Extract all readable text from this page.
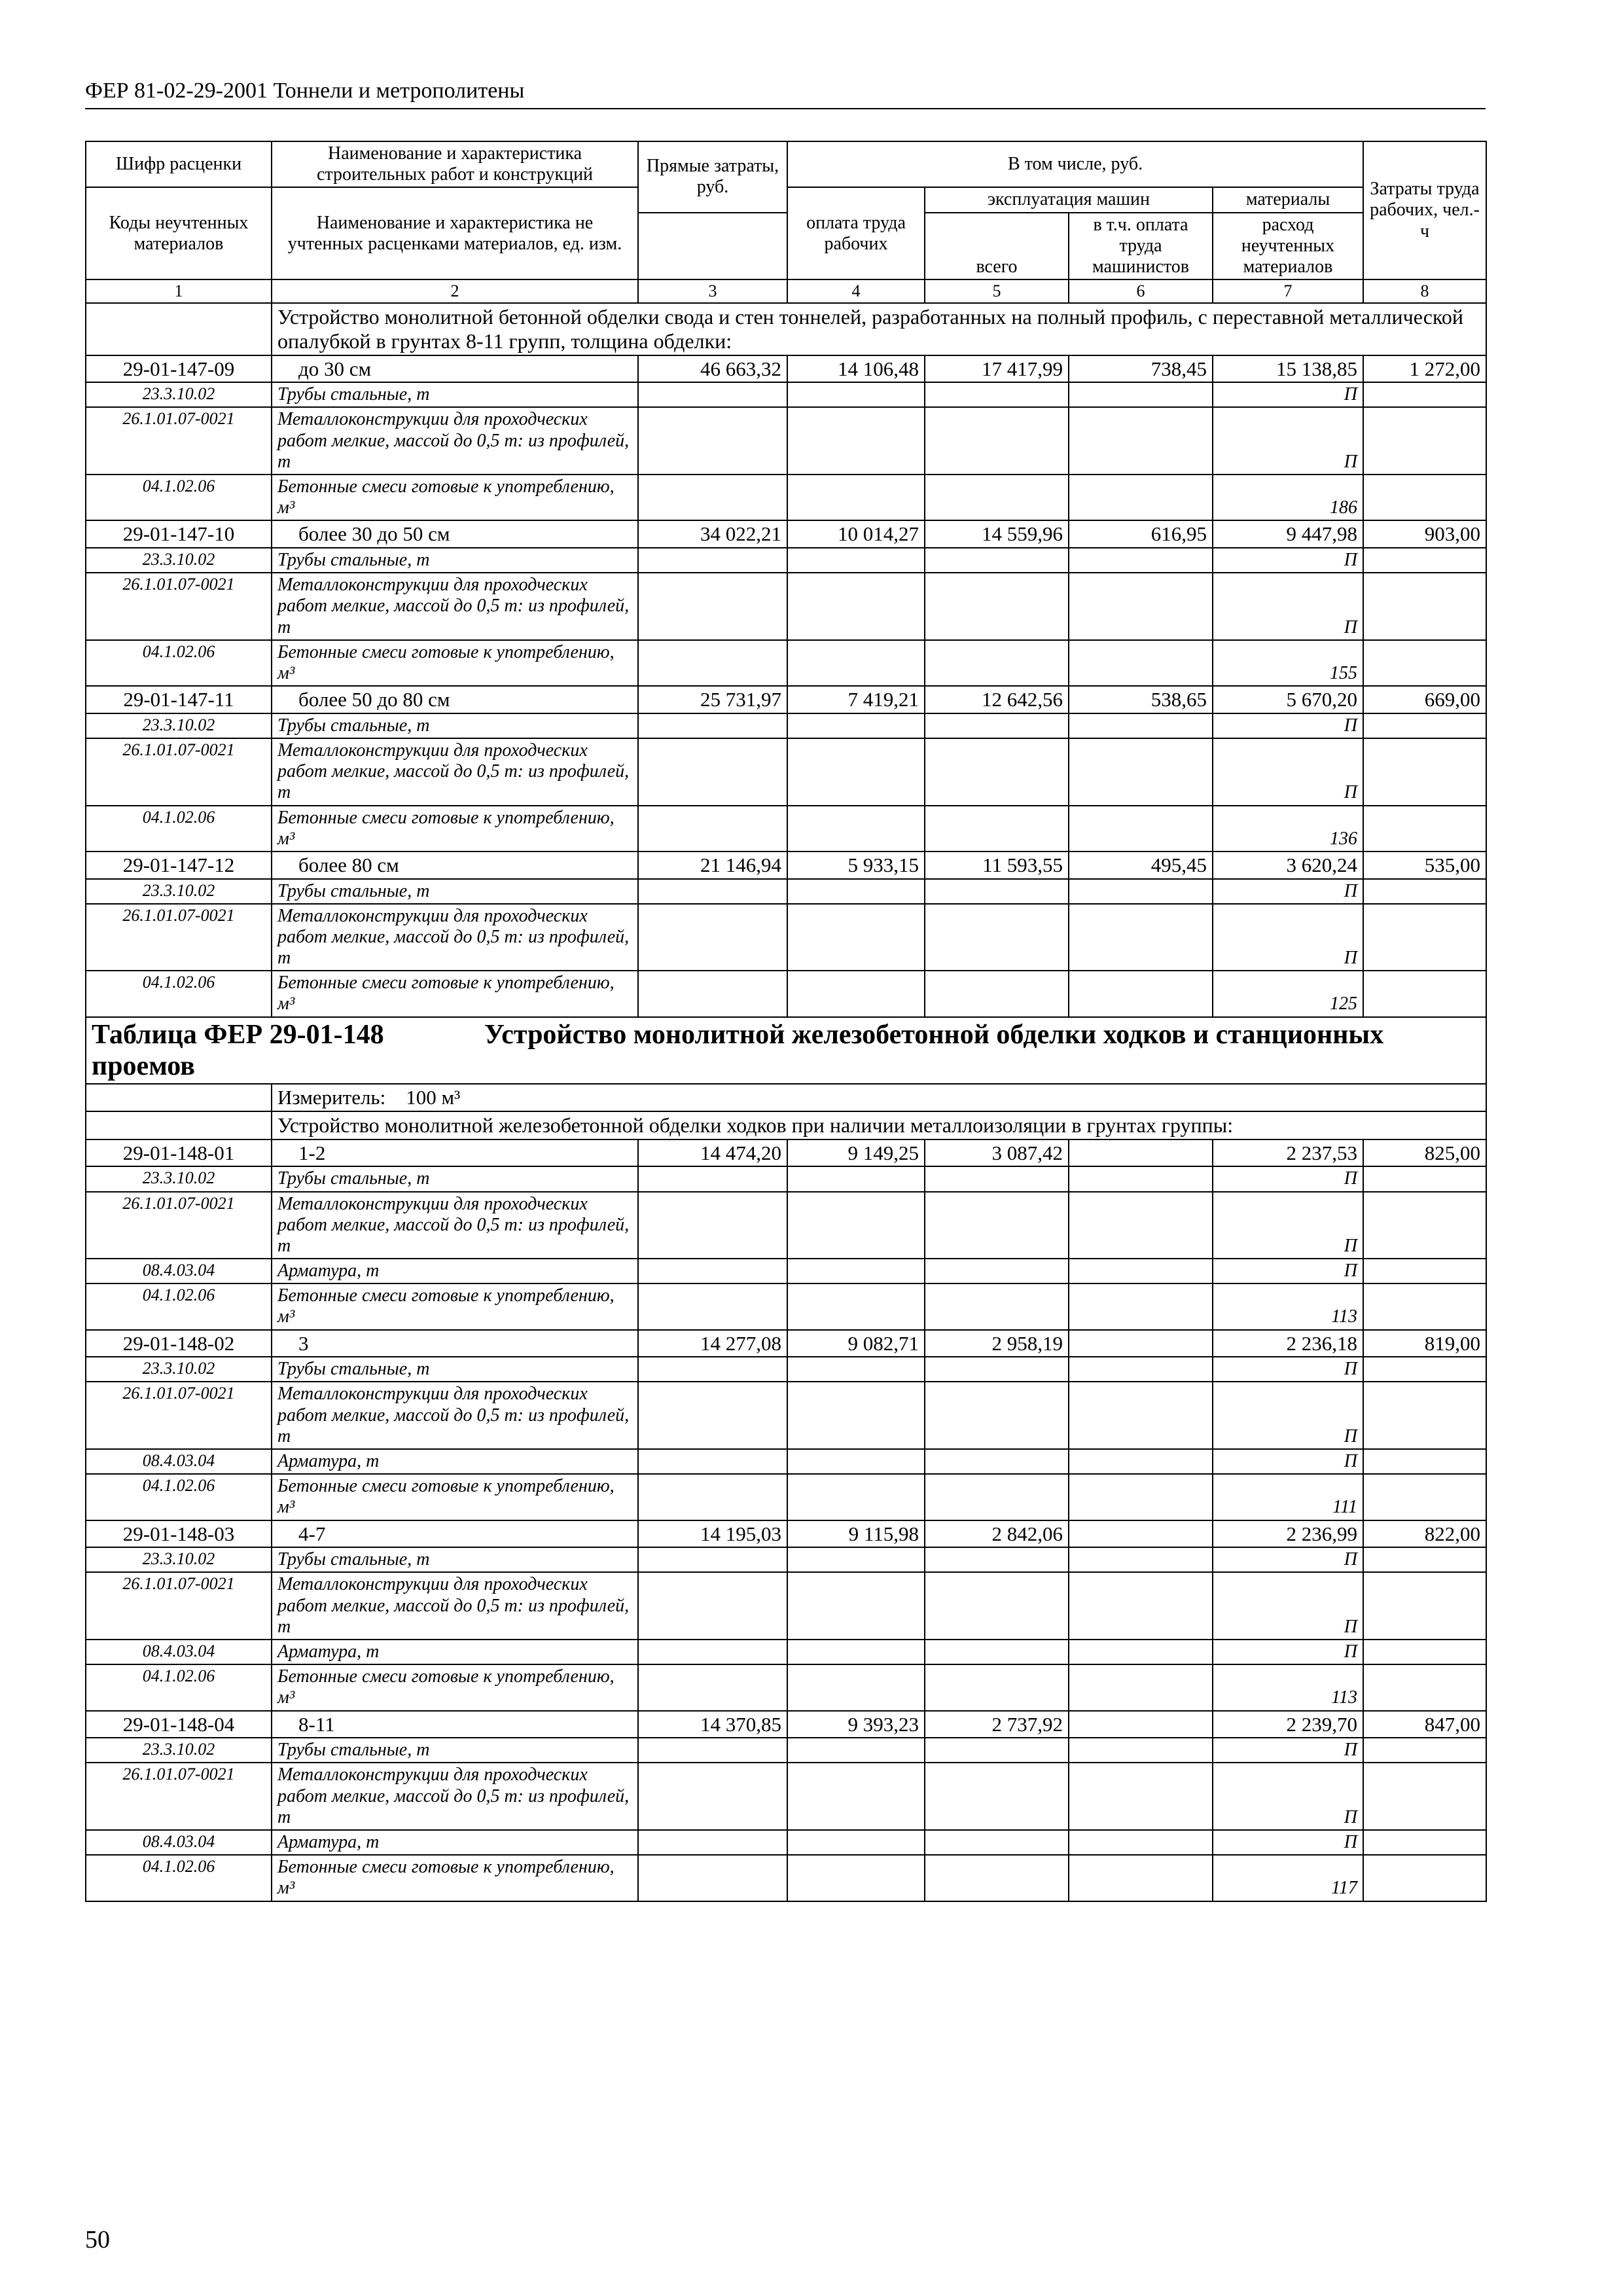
ФЕР 81-02-29-2001 Тоннели и метрополитены
Шифр расценки	Наименование и характеристика строительных работ и конструкций	Прямые затраты, руб.	В том числе, руб.				Затраты труда рабочих, чел.-ч
Коды неучтенных материалов	Наименование и характеристика не учтенных расценками материалов, ед. изм.						
			оплата труда рабочих	эксплуатация машин		материалы	
				всего	в т.ч. оплата труда машинистов	расход неучтенных материалов	
1	2	3	4	5	6	7	8
	Устройство монолитной бетонной обделки свода и стен тоннелей, разработанных на полный профиль, с переставной металлической опалубкой в грунтах 8-11 групп, толщина обделки:						
29-01-147-09	до 30 см	46 663,32	14 106,48	17 417,99	738,45	15 138,85	1 272,00
23.3.10.02	Трубы стальные, т					П	
26.1.01.07-0021	Металлоконструкции для проходческих работ мелкие, массой до 0,5 т: из профилей, т					П	
04.1.02.06	Бетонные смеси готовые к употреблению, м³					186	
29-01-147-10	более 30 до 50 см	34 022,21	10 014,27	14 559,96	616,95	9 447,98	903,00
23.3.10.02	Трубы стальные, т					П	
26.1.01.07-0021	Металлоконструкции для проходческих работ мелкие, массой до 0,5 т: из профилей, т					П	
04.1.02.06	Бетонные смеси готовые к употреблению, м³					155	
29-01-147-11	более 50 до 80 см	25 731,97	7 419,21	12 642,56	538,65	5 670,20	669,00
23.3.10.02	Трубы стальные, т					П	
26.1.01.07-0021	Металлоконструкции для проходческих работ мелкие, массой до 0,5 т: из профилей, т					П	
04.1.02.06	Бетонные смеси готовые к употреблению, м³					136	
29-01-147-12	более 80 см	21 146,94	5 933,15	11 593,55	495,45	3 620,24	535,00
23.3.10.02	Трубы стальные, т					П	
26.1.01.07-0021	Металлоконструкции для проходческих работ мелкие, массой до 0,5 т: из профилей, т					П	
04.1.02.06	Бетонные смеси готовые к употреблению, м³					125	
Таблица ФЕР 29-01-148 Устройство монолитной железобетонной обделки ходков и станционных проемов							
	Измеритель: 100 м³						
	Устройство монолитной железобетонной обделки ходков при наличии металлоизоляции в грунтах группы:						
29-01-148-01	1-2	14 474,20	9 149,25	3 087,42		2 237,53	825,00
23.3.10.02	Трубы стальные, т					П	
26.1.01.07-0021	Металлоконструкции для проходческих работ мелкие, массой до 0,5 т: из профилей, т					П	
08.4.03.04	Арматура, т					П	
04.1.02.06	Бетонные смеси готовые к употреблению, м³					113	
29-01-148-02	3	14 277,08	9 082,71	2 958,19		2 236,18	819,00
23.3.10.02	Трубы стальные, т					П	
26.1.01.07-0021	Металлоконструкции для проходческих работ мелкие, массой до 0,5 т: из профилей, т					П	
08.4.03.04	Арматура, т					П	
04.1.02.06	Бетонные смеси готовые к употреблению, м³					111	
29-01-148-03	4-7	14 195,03	9 115,98	2 842,06		2 236,99	822,00
23.3.10.02	Трубы стальные, т					П	
26.1.01.07-0021	Металлоконструкции для проходческих работ мелкие, массой до 0,5 т: из профилей, т					П	
08.4.03.04	Арматура, т					П	
04.1.02.06	Бетонные смеси готовые к употреблению, м³					113	
29-01-148-04	8-11	14 370,85	9 393,23	2 737,92		2 239,70	847,00
23.3.10.02	Трубы стальные, т					П	
26.1.01.07-0021	Металлоконструкции для проходческих работ мелкие, массой до 0,5 т: из профилей, т					П	
08.4.03.04	Арматура, т					П	
04.1.02.06	Бетонные смеси готовые к употреблению, м³					117	
50
